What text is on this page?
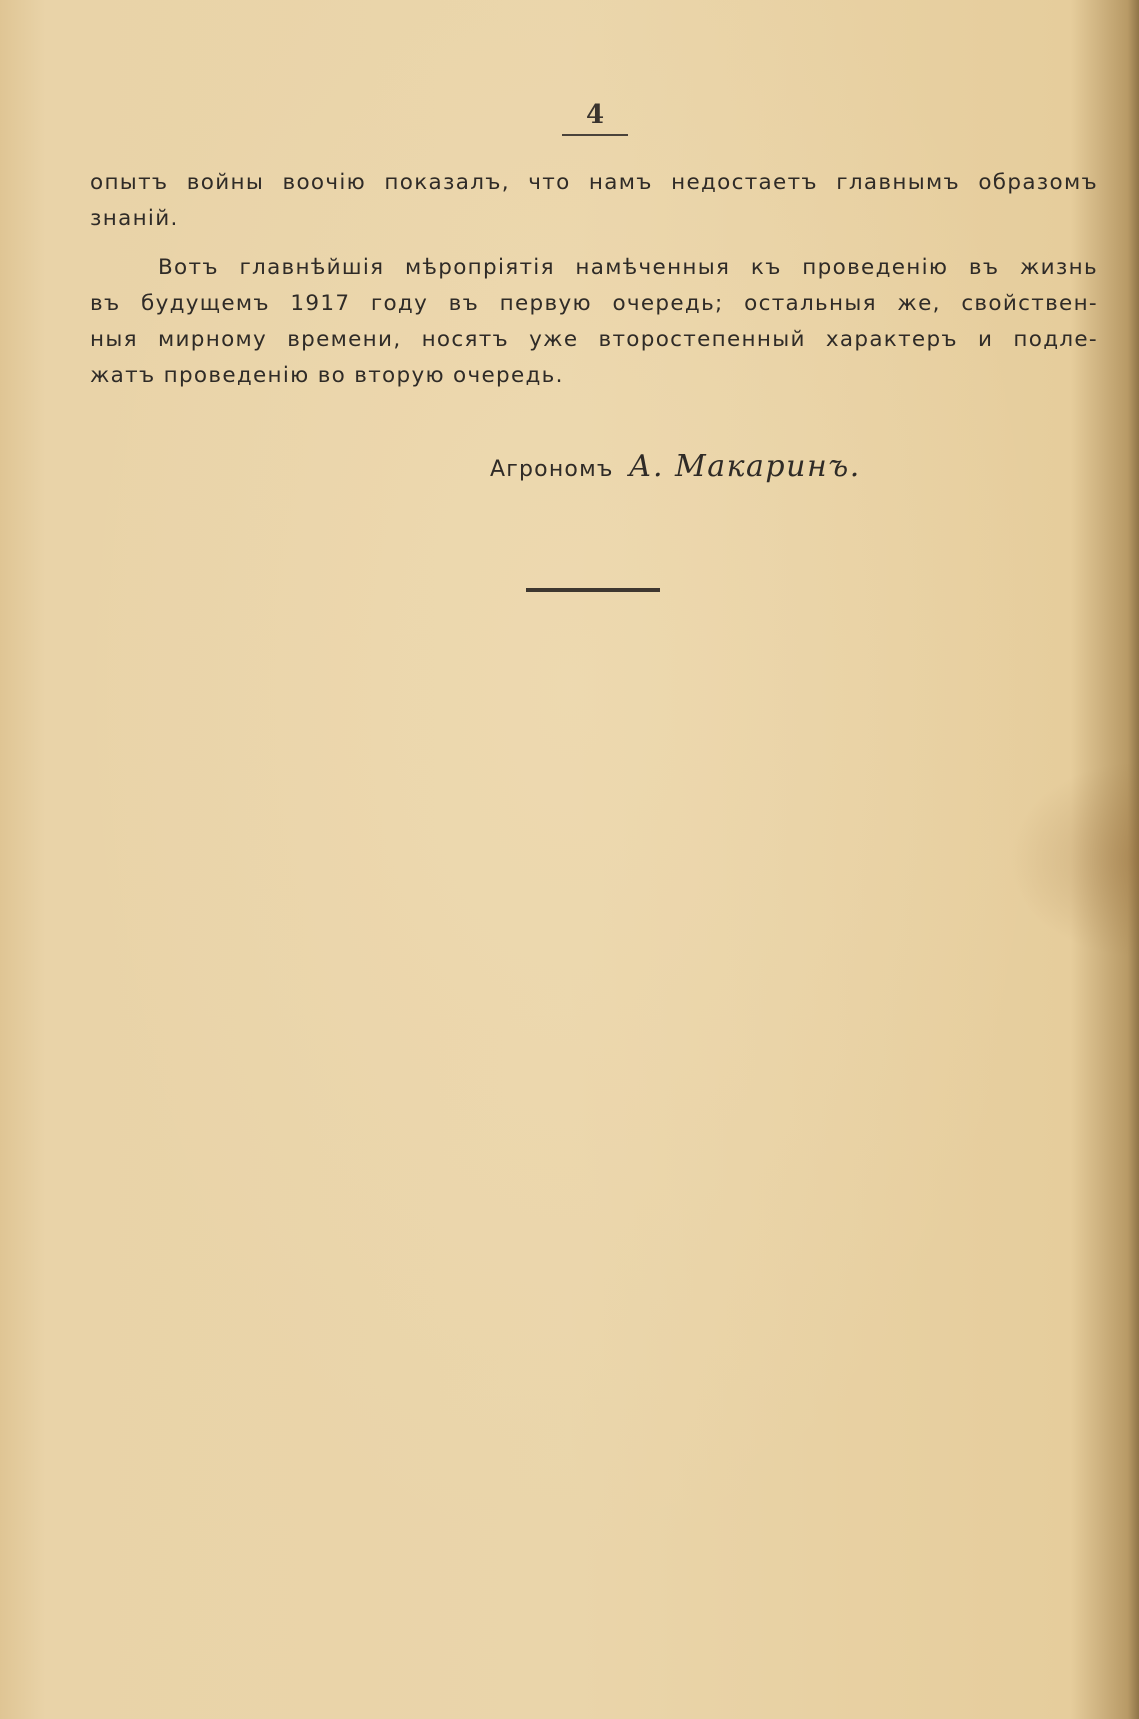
4
опытъ войны воочію показалъ, что намъ недостаетъ главнымъ образомъ
знаній.
Вотъ главнѣйшія мѣропріятія намѣченныя къ проведенію въ жизнь
въ будущемъ 1917 году въ первую очередь; остальныя же, свойствен-
ныя мирному времени, носятъ уже второстепенный характеръ и подле-
жатъ проведенію во вторую очередь.
Агрономъ А. Макаринъ.
